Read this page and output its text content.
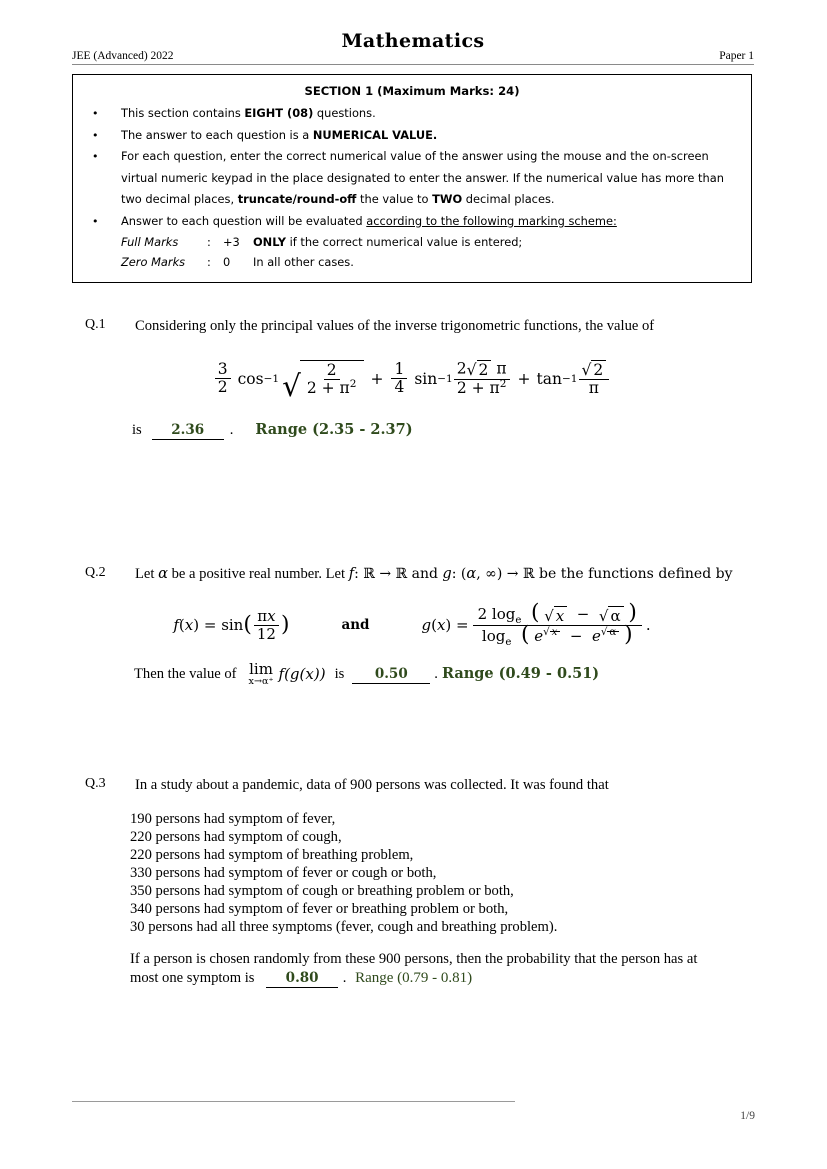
Mathematics
JEE (Advanced) 2022	Paper 1
SECTION 1 (Maximum Marks: 24)
• This section contains EIGHT (08) questions.
• The answer to each question is a NUMERICAL VALUE.
• For each question, enter the correct numerical value of the answer using the mouse and the on-screen virtual numeric keypad in the place designated to enter the answer. If the numerical value has more than two decimal places, truncate/round-off the value to TWO decimal places.
• Answer to each question will be evaluated according to the following marking scheme:
Full Marks	:	+3	ONLY if the correct numerical value is entered;
Zero Marks	:	0	In all other cases.
Q.1 Considering only the principal values of the inverse trigonometric functions, the value of
$\frac{3}{2}$ cos −1 √ $\frac{2}{2 + \pi^2} + \frac{1}{4}$ $\sin -1 \frac{2 √ 2 \pi}{2 + \pi^2} + \tan -1 \frac{√ 2}{\pi}$
is 2.36 . Range (2.35 - 2.37)
Q.2 Let α be a positive real number. Let f: ℝ → ℝ and g: (α, ∞) → ℝ be the functions defined by
f ( x ) = sin ( $\frac{\pi x}{12}$ )	and	g ( x ) =
2 $\log_e$ ( √ x − √ α )
$\log_e$ ( e $^{√ x}$ −  e $^{√ \alpha}$ ) .
Then the value of lim
x→α⁺ f(g(x)) is 0.50 . Range (0.49 - 0.51)
Q.3 In a study about a pandemic, data of 900 persons was collected. It was found that
190 persons had symptom of fever,
220 persons had symptom of cough,
220 persons had symptom of breathing problem,
330 persons had symptom of fever or cough or both,
350 persons had symptom of cough or breathing problem or both,
340 persons had symptom of fever or breathing problem or both,
30 persons had all three symptoms (fever, cough and breathing problem).
If a person is chosen randomly from these 900 persons, then the probability that the person has at
most one symptom is 0.80 . Range (0.79 - 0.81)
1/9
